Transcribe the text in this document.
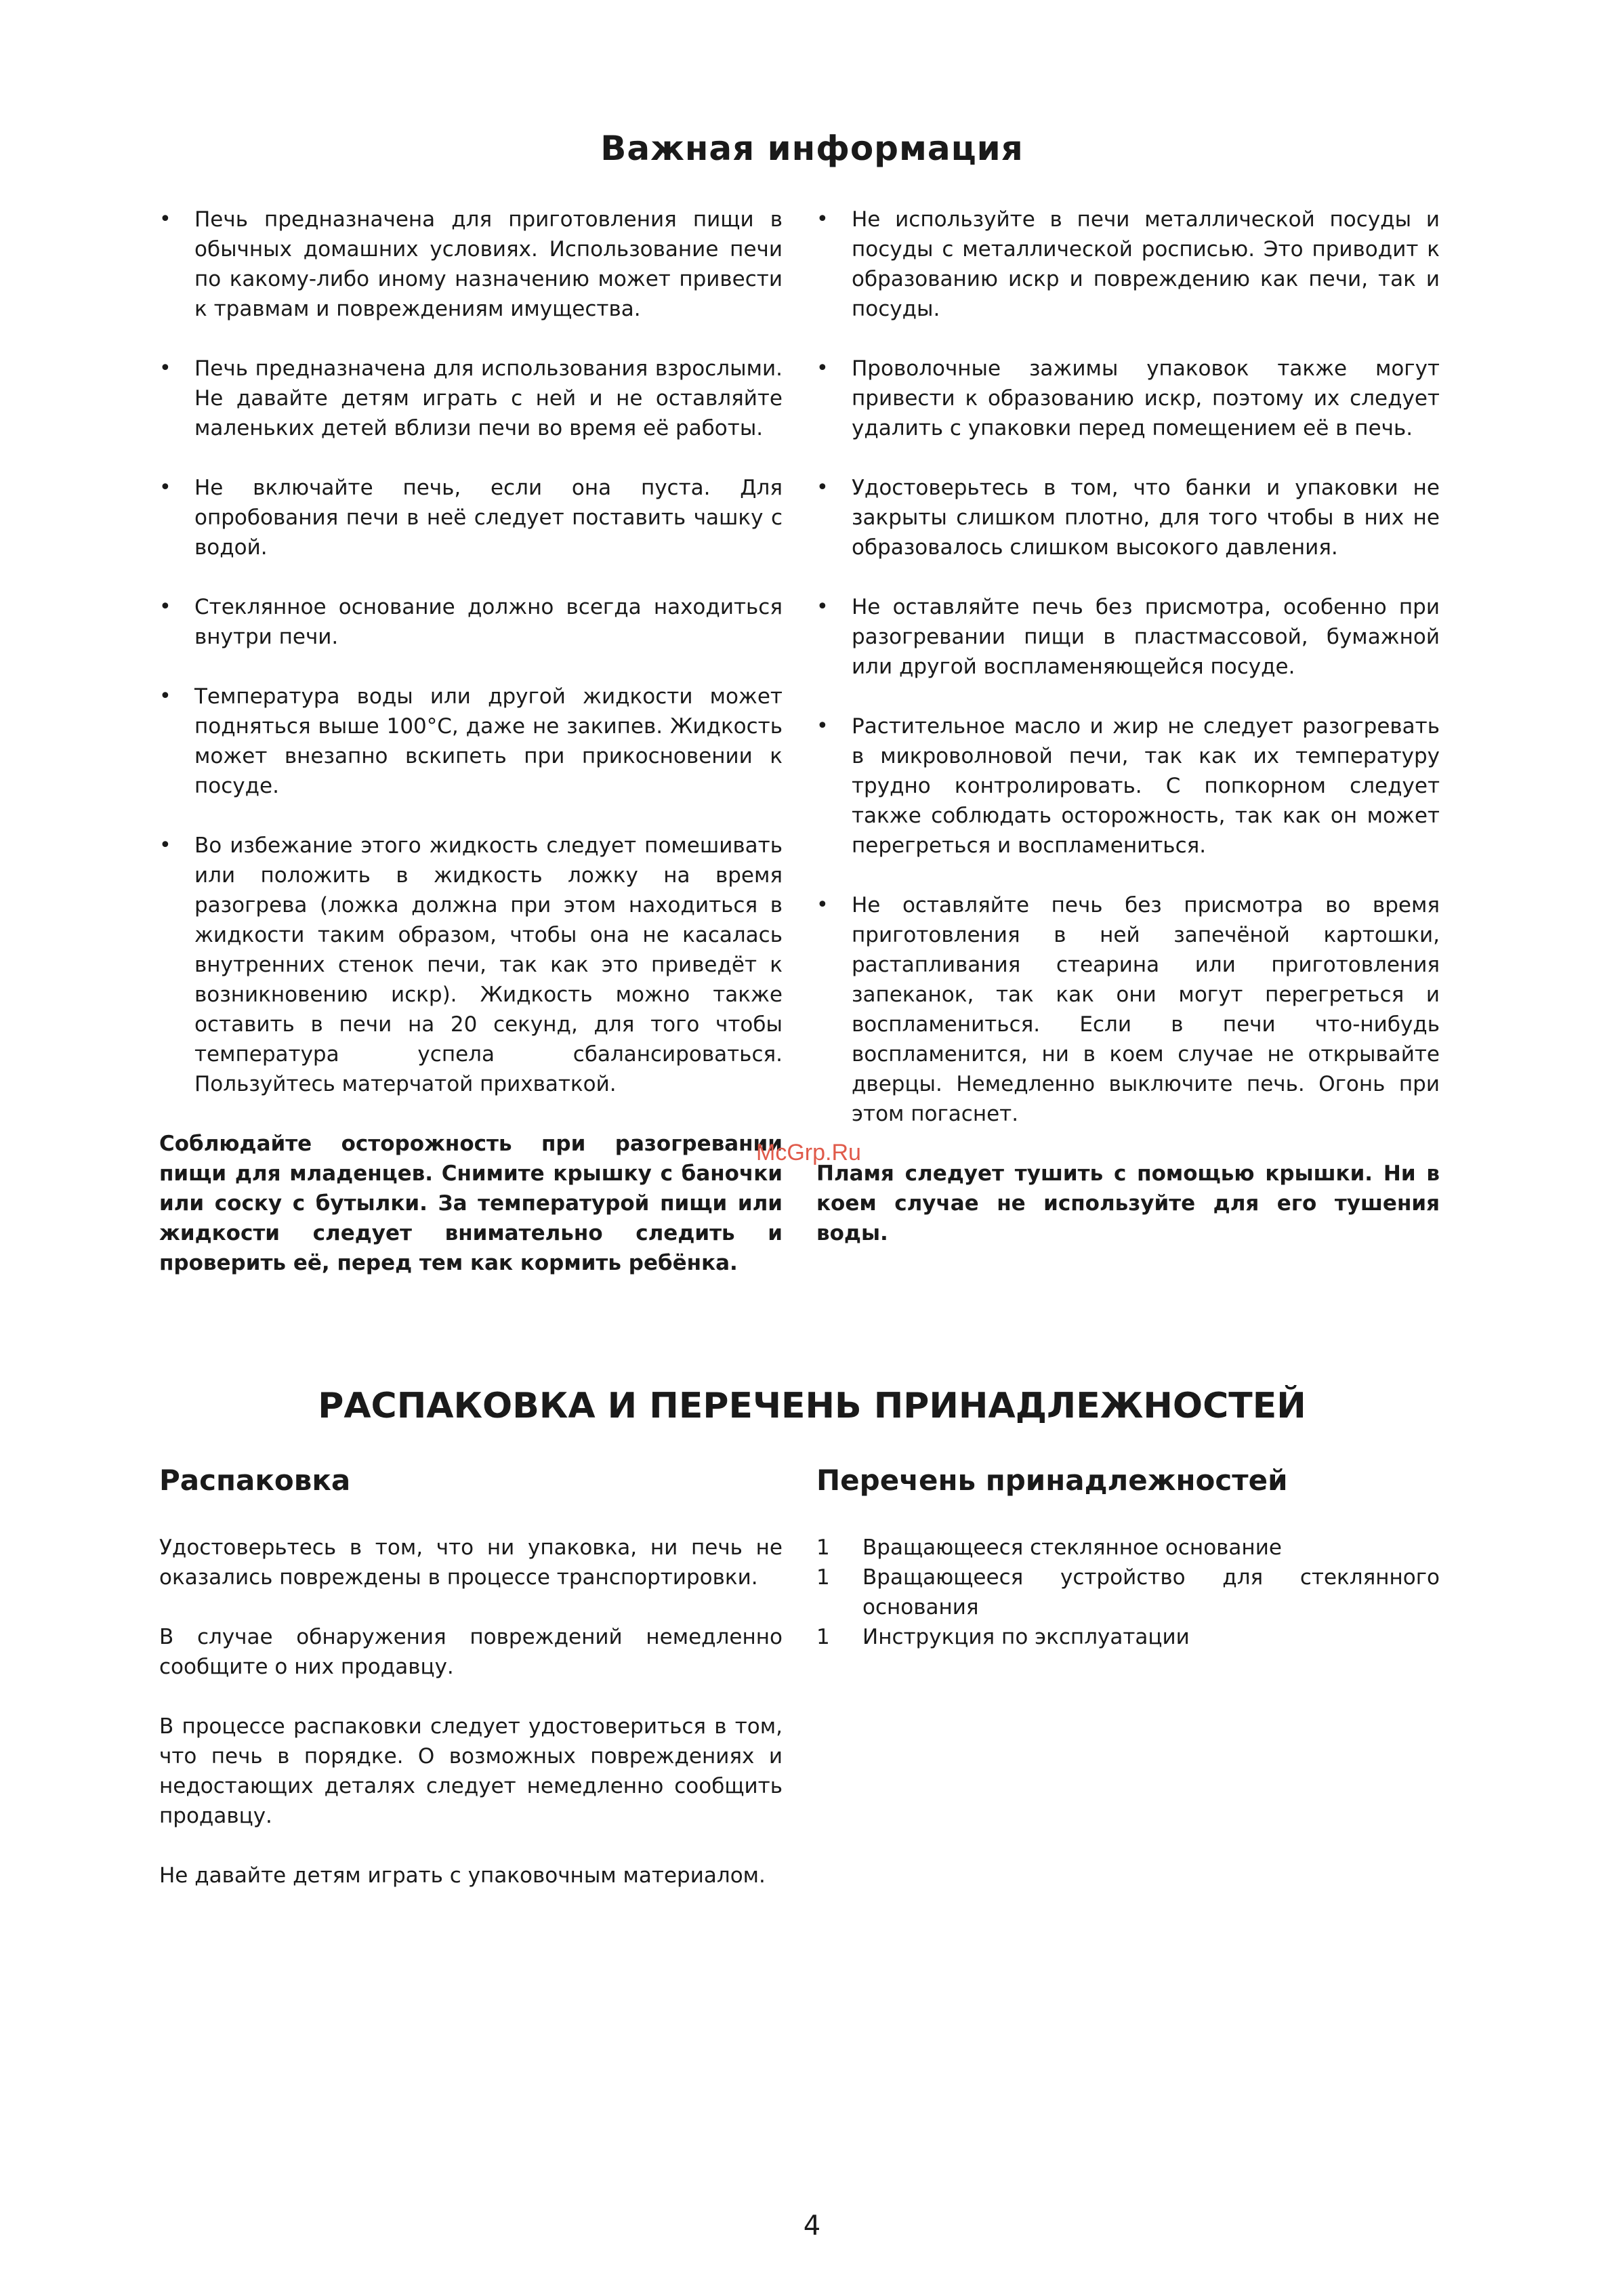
Важная информация
• Печь предназначена для приготовления пищи в обычных домашних условиях. Использование печи по какому-либо иному назначению может привести к травмам и повреждениям имущества.
• Печь предназначена для использования взрослыми. Не давайте детям играть с ней и не оставляйте маленьких детей вблизи печи во время её работы.
• Не включайте печь, если она пуста. Для опробования печи в неё следует поставить чашку с водой.
• Стеклянное основание должно всегда находиться внутри печи.
• Температура воды или другой жидкости может подняться выше 100°С, даже не закипев. Жидкость может внезапно вскипеть при прикосновении к посуде.
• Во избежание этого жидкость следует помешивать или положить в жидкость ложку на время разогрева (ложка должна при этом находиться в жидкости таким образом, чтобы она не касалась внутренних стенок печи, так как это приведёт к возникновению искр). Жидкость можно также оставить в печи на 20 секунд, для того чтобы температура успела сбалансироваться. Пользуйтесь матерчатой прихваткой.

Соблюдайте осторожность при разогревании пищи для младенцев. Снимите крышку с баночки или соску с бутылки. За температурой пищи или жидкости следует внимательно следить и проверить её, перед тем как кормить ребёнка.

• Не используйте в печи металлической посуды и посуды с металлической росписью. Это приводит к образованию искр и повреждению как печи, так и посуды.
• Проволочные зажимы упаковок также могут привести к образованию искр, поэтому их следует удалить с упаковки перед помещением её в печь.
• Удостоверьтесь в том, что банки и упаковки не закрыты слишком плотно, для того чтобы в них не образовалось слишком высокого давления.
• Не оставляйте печь без присмотра, особенно при разогревании пищи в пластмассовой, бумажной или другой воспламеняющейся посуде.
• Растительное масло и жир не следует разогревать в микроволновой печи, так как их температуру трудно контролировать. С попкорном следует также соблюдать осторожность, так как он может перегреться и воспламениться.
• Не оставляйте печь без присмотра во время приготовления в ней запечёной картошки, растапливания стеарина или приготовления запеканок, так как они могут перегреться и воспламениться. Если в печи что-нибудь воспламенится, ни в коем случае не открывайте дверцы. Немедленно выключите печь. Огонь при этом погаснет.

Пламя следует тушить с помощью крышки. Ни в коем случае не используйте для его тушения воды.

McGrp.Ru
РАСПАКОВКА И ПЕРЕЧЕНЬ ПРИНАДЛЕЖНОСТЕЙ
Распаковка	Перечень принадлежностей

Удостоверьтесь в том, что ни упаковка, ни печь не оказались повреждены в процессе транспортировки.

В случае обнаружения повреждений немедленно сообщите о них продавцу.

В процессе распаковки следует удостовериться в том, что печь в порядке. О возможных повреждениях и недостающих деталях следует немедленно сообщить продавцу.

Не давайте детям играть с упаковочным материалом.

1	Вращающееся стеклянное основание
1	Вращающееся устройство для стеклянного основания
1	Инструкция по эксплуатации
4
